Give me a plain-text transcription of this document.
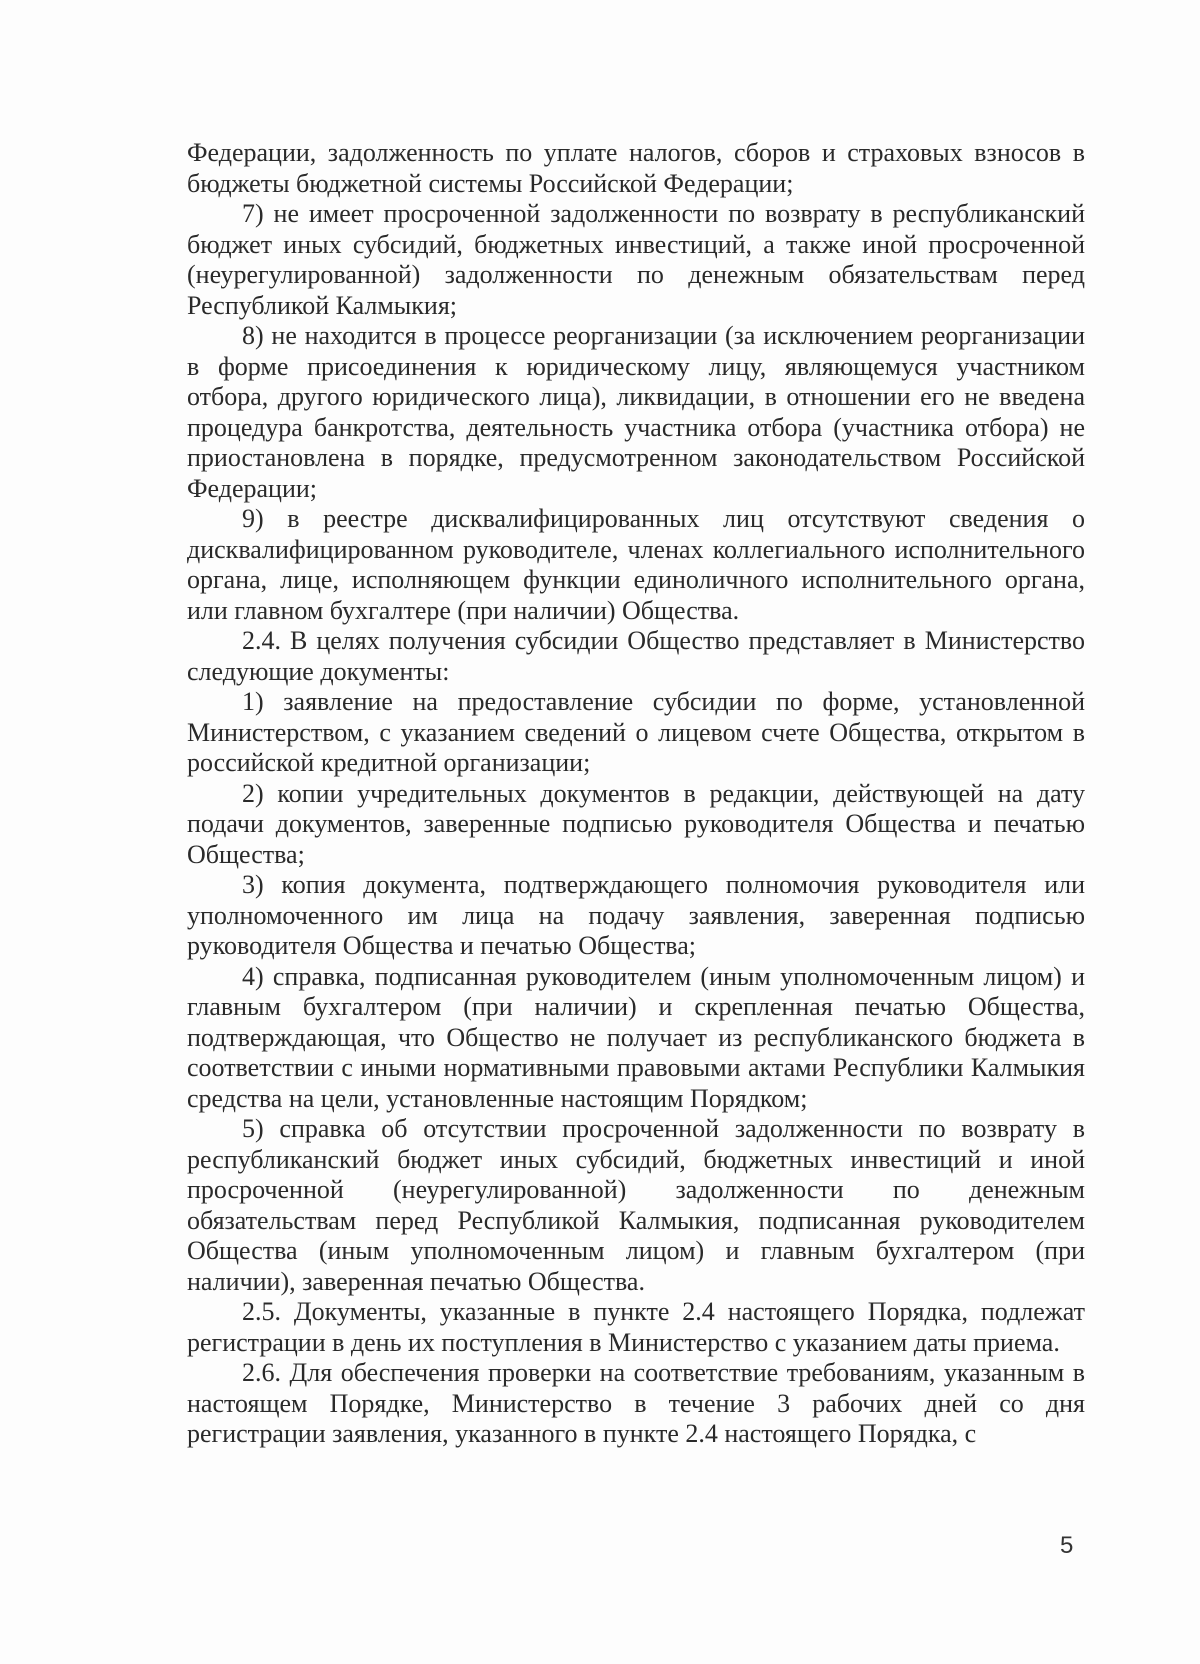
Федерации, задолженность по уплате налогов, сборов и страховых взносов в бюджеты бюджетной системы Российской Федерации;

7) не имеет просроченной задолженности по возврату в республиканский бюджет иных субсидий, бюджетных инвестиций, а также иной просроченной (неурегулированной) задолженности по денежным обязательствам перед Республикой Калмыкия;

8) не находится в процессе реорганизации (за исключением реорганизации в форме присоединения к юридическому лицу, являющемуся участником отбора, другого юридического лица), ликвидации, в отношении его не введена процедура банкротства, деятельность участника отбора (участника отбора) не приостановлена в порядке, предусмотренном законодательством Российской Федерации;

9) в реестре дисквалифицированных лиц отсутствуют сведения о дисквалифицированном руководителе, членах коллегиального исполнительного органа, лице, исполняющем функции единоличного исполнительного органа, или главном бухгалтере (при наличии) Общества.

2.4. В целях получения субсидии Общество представляет в Министерство следующие документы:

1) заявление на предоставление субсидии по форме, установленной Министерством, с указанием сведений о лицевом счете Общества, открытом в российской кредитной организации;

2) копии учредительных документов в редакции, действующей на дату подачи документов, заверенные подписью руководителя Общества и печатью Общества;

3) копия документа, подтверждающего полномочия руководителя или уполномоченного им лица на подачу заявления, заверенная подписью руководителя Общества и печатью Общества;

4) справка, подписанная руководителем (иным уполномоченным лицом) и главным бухгалтером (при наличии) и скрепленная печатью Общества, подтверждающая, что Общество не получает из республиканского бюджета в соответствии с иными нормативными правовыми актами Республики Калмыкия средства на цели, установленные настоящим Порядком;

5) справка об отсутствии просроченной задолженности по возврату в республиканский бюджет иных субсидий, бюджетных инвестиций и иной просроченной (неурегулированной) задолженности по денежным обязательствам перед Республикой Калмыкия, подписанная руководителем Общества (иным уполномоченным лицом) и главным бухгалтером (при наличии), заверенная печатью Общества.

2.5. Документы, указанные в пункте 2.4 настоящего Порядка, подлежат регистрации в день их поступления в Министерство с указанием даты приема.

2.6. Для обеспечения проверки на соответствие требованиям, указанным в настоящем Порядке, Министерство в течение 3 рабочих дней со дня регистрации заявления, указанного в пункте 2.4 настоящего Порядка, с

5
